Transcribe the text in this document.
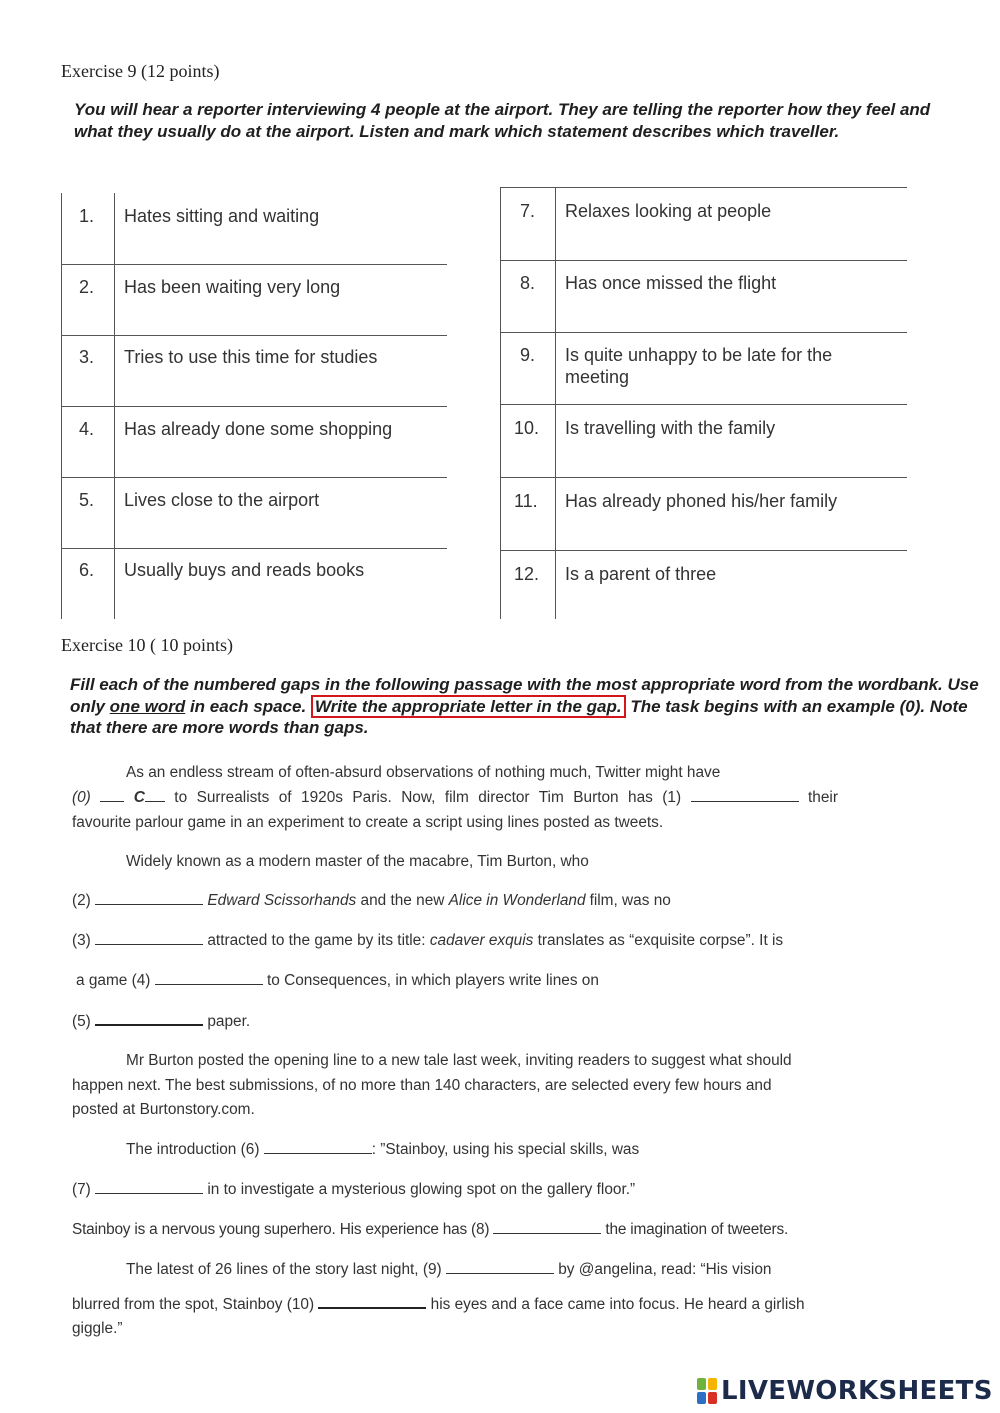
Exercise 9 (12 points)
You will hear a reporter interviewing 4 people at the airport. They are telling the reporter how they feel and what they usually do at the airport. Listen and mark which statement describes which traveller.
1. Hates sitting and waiting
2. Has been waiting very long
3. Tries to use this time for studies
4. Has already done some shopping
5. Lives close to the airport
6. Usually buys and reads books
7. Relaxes looking at people
8. Has once missed the flight
9. Is quite unhappy to be late for the meeting
10. Is travelling with the family
11. Has already phoned his/her family
12. Is a parent of three
Exercise 10 ( 10 points)
Fill each of the numbered gaps in the following passage with the most appropriate word from the wordbank. Use only one word in each space. Write the appropriate letter in the gap. The task begins with an example (0). Note that there are more words than gaps.
As an endless stream of often-absurd observations of nothing much, Twitter might have
(0)	C to Surrealists of 1920s Paris. Now, film director Tim Burton has (1)	their
favourite parlour game in an experiment to create a script using lines posted as tweets.
Widely known as a modern master of the macabre, Tim Burton, who
(2)	Edward Scissorhands and the new Alice in Wonderland film, was no
(3)	attracted to the game by its title: cadaver exquis translates as “exquisite corpse”. It is
a game (4)	to Consequences, in which players write lines on
(5)	paper.
Mr Burton posted the opening line to a new tale last week, inviting readers to suggest what should
happen next. The best submissions, of no more than 140 characters, are selected every few hours and
posted at Burtonstory.com.
The introduction (6)	: ”Stainboy, using his special skills, was
(7)	in to investigate a mysterious glowing spot on the gallery floor.”
Stainboy is a nervous young superhero. His experience has (8)	the imagination of tweeters.
The latest of 26 lines of the story last night, (9)	by @angelina, read: “His vision
blurred from the spot, Stainboy (10)	his eyes and a face came into focus. He heard a girlish
giggle.”
LIVEWORKSHEETS
